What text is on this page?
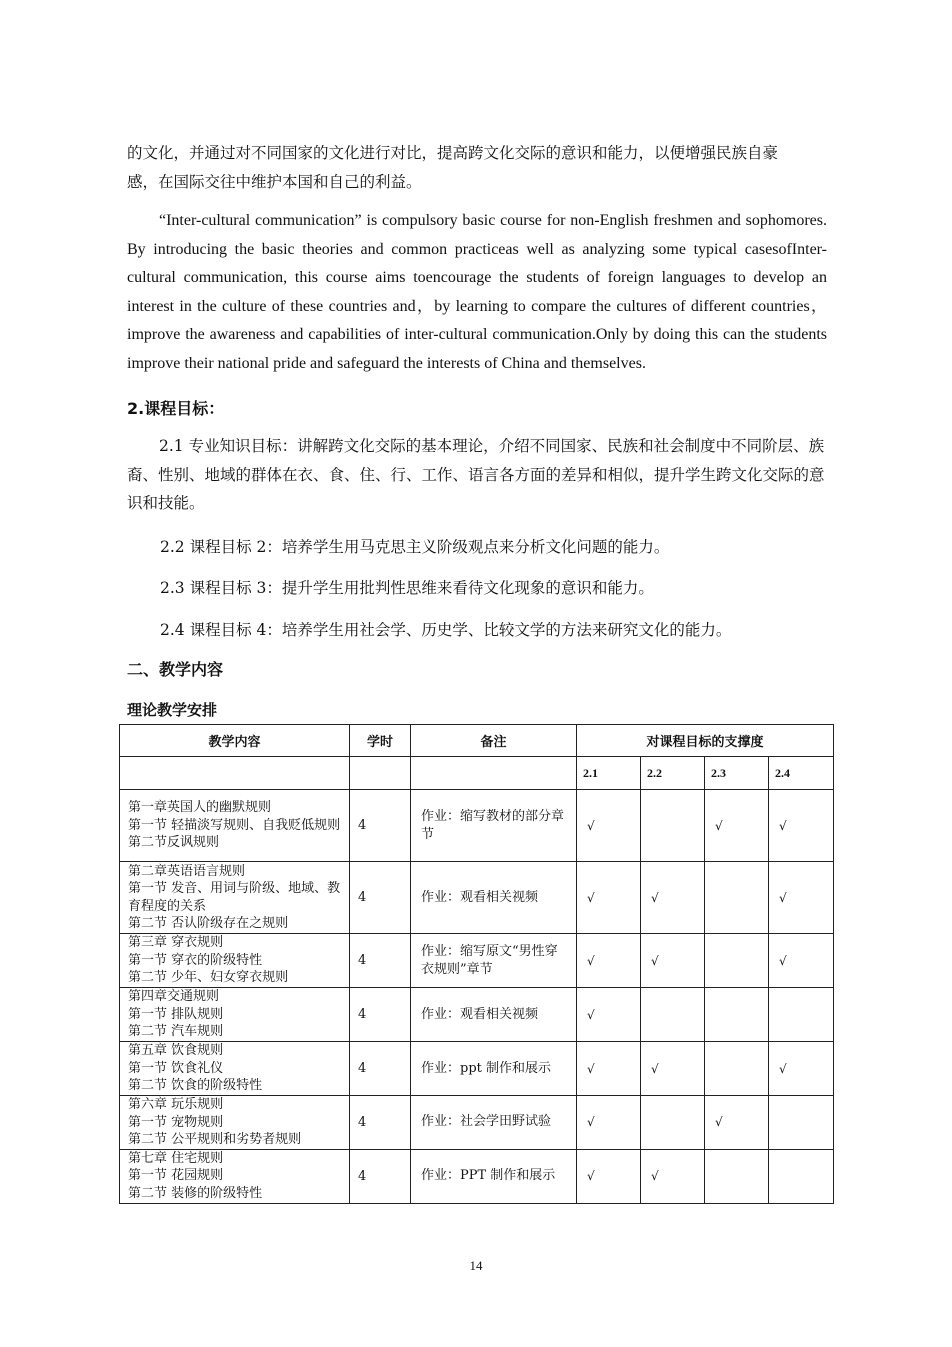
的文化，并通过对不同国家的文化进行对比，提高跨文化交际的意识和能力，以便增强民族自豪
感，在国际交往中维护本国和自己的利益。

“Inter-cultural communication” is compulsory basic course for non-English freshmen and sophomores. By introducing the basic theories and common practiceas well as analyzing some typical casesofInter-cultural communication, this course aims toencourage the students of foreign languages to develop an interest in the culture of these countries and，by learning to compare the cultures of different countries， improve the awareness and capabilities of inter-cultural communication.Only by doing this can the students improve their national pride and safeguard the interests of China and themselves.

2.课程目标：

2.1 专业知识目标：讲解跨文化交际的基本理论，介绍不同国家、民族和社会制度中不同阶层、族裔、性别、地域的群体在衣、食、住、行、工作、语言各方面的差异和相似，提升学生跨文化交际的意识和技能。

2.2 课程目标 2：培养学生用马克思主义阶级观点来分析文化问题的能力。

2.3 课程目标 3：提升学生用批判性思维来看待文化现象的意识和能力。

2.4 课程目标 4：培养学生用社会学、历史学、比较文学的方法来研究文化的能力。

二、教学内容
理论教学安排
教学内容	学时	备注	对课程目标的支撑度			
			2.1	2.2	2.3	2.4

第一章英国人的幽默规则
第一节 轻描淡写规则、自我贬低规则
第二节反讽规则	4	作业：缩写教材的部分章节	√		√	√

第二章英语语言规则
第一节 发音、用词与阶级、地域、教育程度的关系
第二节 否认阶级存在之规则	4	作业：观看相关视频	√	√		√

第三章 穿衣规则
第一节 穿衣的阶级特性
第二节 少年、妇女穿衣规则	4	作业：缩写原文“男性穿衣规则”章节	√	√		√

第四章交通规则
第一节 排队规则
第二节 汽车规则	4	作业：观看相关视频	√			

第五章 饮食规则
第一节 饮食礼仪
第二节 饮食的阶级特性	4	作业：ppt 制作和展示	√	√		√

第六章 玩乐规则
第一节 宠物规则
第二节 公平规则和劣势者规则	4	作业：社会学田野试验	√		√	

第七章 住宅规则
第一节 花园规则
第二节 装修的阶级特性	4	作业：PPT 制作和展示	√	√		
14
